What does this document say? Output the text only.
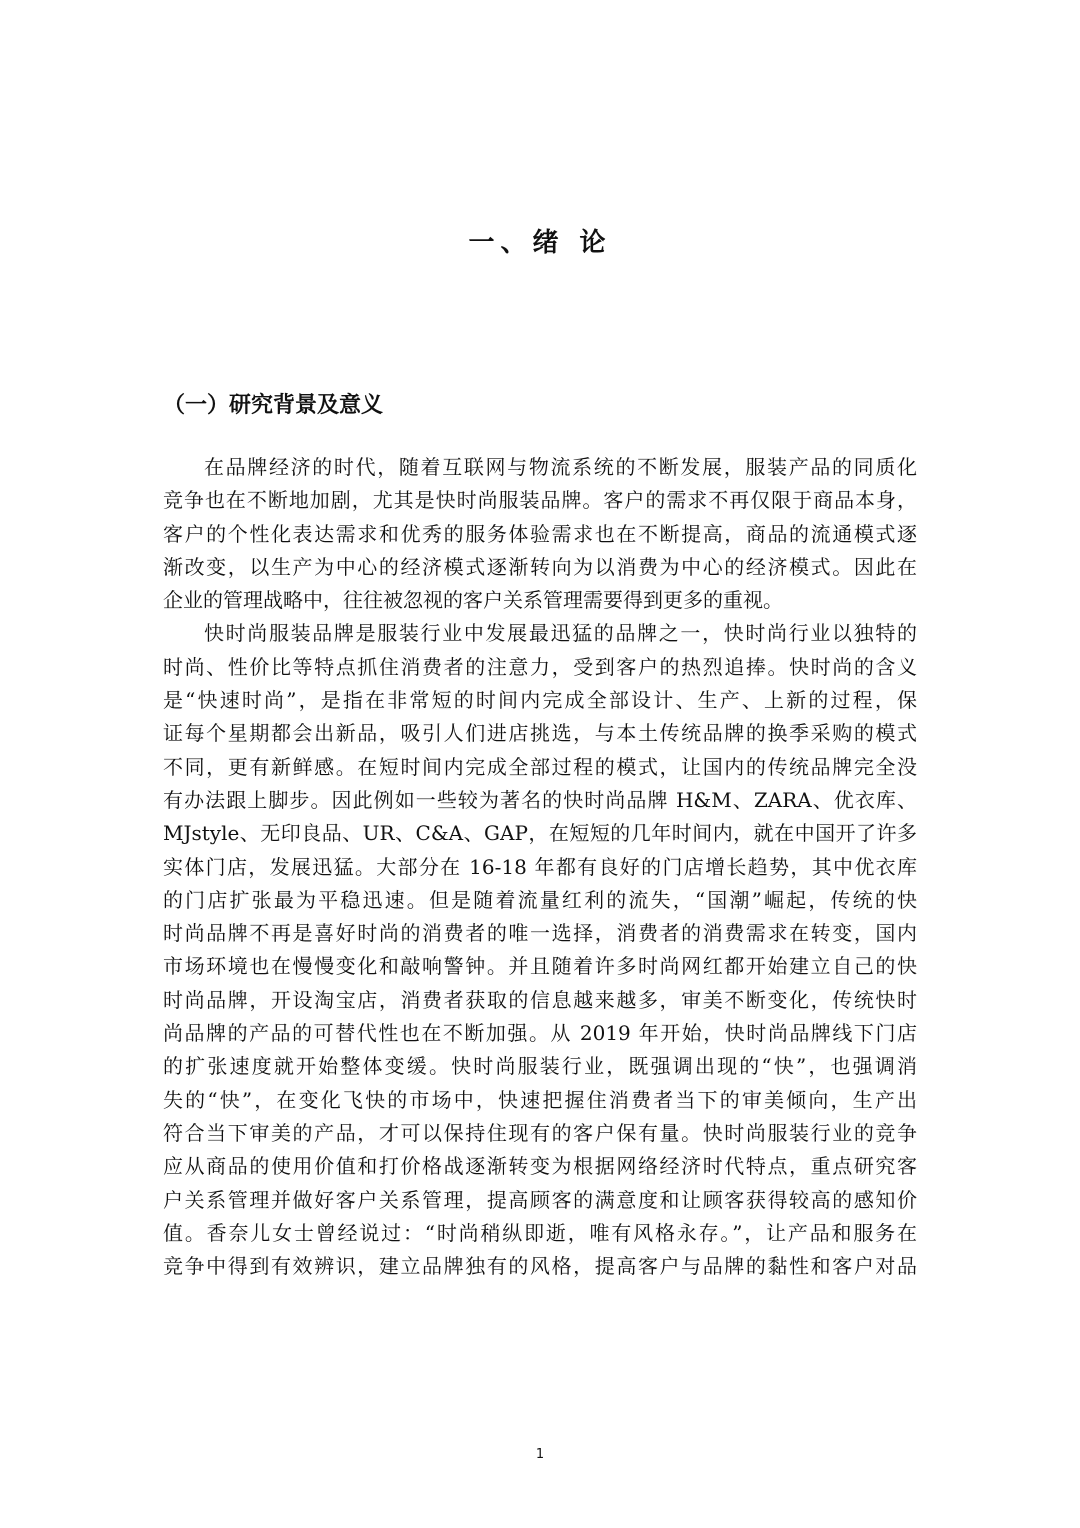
一、绪 论
（一）研究背景及意义
在品牌经济的时代，随着互联网与物流系统的不断发展，服装产品的同质化
竞争也在不断地加剧，尤其是快时尚服装品牌。客户的需求不再仅限于商品本身，
客户的个性化表达需求和优秀的服务体验需求也在不断提高，商品的流通模式逐
渐改变，以生产为中心的经济模式逐渐转向为以消费为中心的经济模式。因此在
企业的管理战略中，往往被忽视的客户关系管理需要得到更多的重视。
快时尚服装品牌是服装行业中发展最迅猛的品牌之一，快时尚行业以独特的
时尚、性价比等特点抓住消费者的注意力，受到客户的热烈追捧。快时尚的含义
是“快速时尚”，是指在非常短的时间内完成全部设计、生产、上新的过程，保
证每个星期都会出新品，吸引人们进店挑选，与本土传统品牌的换季采购的模式
不同，更有新鲜感。在短时间内完成全部过程的模式，让国内的传统品牌完全没
有办法跟上脚步。因此例如一些较为著名的快时尚品牌 H&M、ZARA、优衣库、
MJstyle、无印良品、UR、C&A、GAP，在短短的几年时间内，就在中国开了许多
实体门店，发展迅猛。大部分在 16-18 年都有良好的门店增长趋势，其中优衣库
的门店扩张最为平稳迅速。但是随着流量红利的流失，“国潮”崛起，传统的快
时尚品牌不再是喜好时尚的消费者的唯一选择，消费者的消费需求在转变，国内
市场环境也在慢慢变化和敲响警钟。并且随着许多时尚网红都开始建立自己的快
时尚品牌，开设淘宝店，消费者获取的信息越来越多，审美不断变化，传统快时
尚品牌的产品的可替代性也在不断加强。从 2019 年开始，快时尚品牌线下门店
的扩张速度就开始整体变缓。快时尚服装行业，既强调出现的“快”，也强调消
失的“快”，在变化飞快的市场中，快速把握住消费者当下的审美倾向，生产出
符合当下审美的产品，才可以保持住现有的客户保有量。快时尚服装行业的竞争
应从商品的使用价值和打价格战逐渐转变为根据网络经济时代特点，重点研究客
户关系管理并做好客户关系管理，提高顾客的满意度和让顾客获得较高的感知价
值。香奈儿女士曾经说过：“时尚稍纵即逝，唯有风格永存。”，让产品和服务在
竞争中得到有效辨识，建立品牌独有的风格，提高客户与品牌的黏性和客户对品
1
